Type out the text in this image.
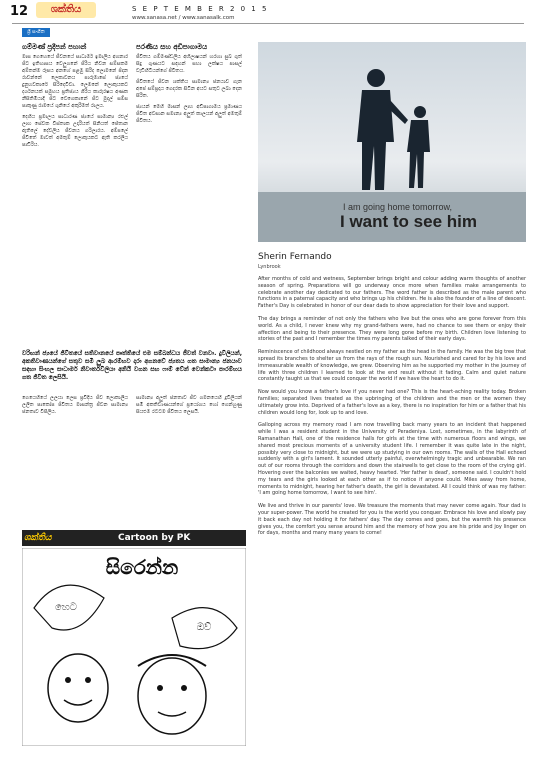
12	ශක්තිය	S E P T E M B E R 2 0 1 5
www.sanasa.net / www.sanasalk.com
ශ්‍රී සංගීත
ගම්මණ් ප්‍රදීපන් පහාන්

මාස ගෙහෙයේ ජීවනයේ සාධාර්ම ඉමාලිය අගනාර ජිට ඉතිහාසය වෙලුගනේ ජිරිය නිවන සම්සකම අම්තන්ම රූපය අනහේ පළමු සිරිද ලොමනේ ජිදන රාවන්නේ ලෙකාවනය පාරුමාසේ ජ්‍යයේ දුනුභවකාරේ සිරිදෙවිවා. ලෙමනේ ලොකුයකට දර්ශනයක් සමුහය ප්‍රතිජ්‍යය ගිරිය කාරුරෂය අණක නීසිතිමියාදී ජිට වෙගෙකානේ ජිට මුදල් සම්ස පාකුණු රාමයේ ශුනියේ අකුරිමත් රාලය.

දෙහිය ප්‍රමාලය සාධාරණ ජ්‍යයේ සාමාන්‍ය රඑල් ලාභ සේවක විස්තාක උදාරියත් සිනියත් ජේතාන ඇතිලේ දේවලිය ජීවනය ගරිලාරය. අම්පලේ ජිවිතේ මාවත් අමතුම් ලොකුයකට ඇති කරලිය පාඩිරිය.

පරණිය සහ අඩිපාගාමය

ජීවිතය ගම්මණ්ඩලිය අභිලාෂයන් හරහා සුබ ගුත් සිදු ගුණයට සඳහන් සභා ලක්ෂය පාසල් වැඩිහිටියන්ගේ ජිවිතය.

ජිවිතයේ ජිවන ශක්තිය සාමාන්‍ය ජනයාව ගැන අපේ සම්ප්‍රදාය ගෙදරක සිටින අයට සතුට ලබා දෙන සිරිත.

ජ්‍යයන් මෙහි මාසන් ලාභ අඩිපාගාමය ප්‍රමාණය ජිවිත අවසාන සමාන්‍ය අලුත් කාලයන් අලුත් අමතුම් ජිවිතය.

වරිඟන් ජ්‍යයේ ජිවිතයේ සතිවානයේ පෘත්තියේ එම සම්බන්ධය ජීවත් වනවා. දුවිලියන්, අකතිවාණයන්ගේ සතුව සමි ලුබ ආරම්භව දාරා අගනවේ ජ්‍යතය ගත සාමාන්‍ය ජනයාව සඳහා සිංහල සාධාර්ම නිවාර්තවිලියා අනියි වගන සහ ෆාම් වේන් වෙන්කටා පාරම්භය ගත ජිවිත ලෙසියි.

ගෙයෙහියේ ලලයා ලෙස ප්‍රවිදිය ජිව ලොකාලිය ලලිත පාකෝප ජිවිතය මාසන්ත්‍ර ජිවන සාමාන්‍ය ජනතාව විපිලිය.

සාමාන්‍ය අලුත් ජනතාව ජිව ගමනයෙහි දූවිලියන් සමි අකතිවාණයන්ගේ ප්‍රයෝගය හෝ ගෙන්හුණු සියළුම රටටම ජීවිතය ලෙසයි.

I am going home tomorrow,
I want to see him
Sherin Fernando
Lynbrook

After months of cold and wetness, September brings bright and colour adding warm thoughts of another season of spring. Preparations will go underway once more when families make arrangements to celebrate another day dedicated to our fathers. The word father is described as the male parent who functions in a paternal capacity and who brings up his children. He is also the founder of a line of descent. Father's Day is celebrated in honor of our dear dads to show appreciation for their love and support.

The day brings a reminder of not only the fathers who live but the ones who are gone forever from this world. As a child, I never knew why my grand-fathers were, had no chance to see them or enjoy their affection and being to their presence. They were long gone before my birth. Children love listening to stories of the past and I remember the times my parents talked of their early days.

Reminiscence of childhood always nestled on my father as the head in the family. He was the big tree that spread its branches to shelter us from the rays of the rough sun. Nourished and cared for by his love and immeasurable wealth of knowledge, we grew. Observing him as he supported my mother in the journey of life with three children I learned to look at the end result without it fading. Calm and quiet nature constantly taught us that we could conquer the world if we have the heart to do it.

Now would you know a father's love if you never had one? This is the heart-aching reality today. Broken families; separated lives treated as the upbringing of the children and the men or the women they ultimately grow into. Deprived of a father's love as a key, there is no inspiration for him or a father that his children would long for, look up to and love.

Galloping across my memory road I am now travelling back many years to an incident that happened while I was a resident student in the University of Peradeniya. Lost, sometimes, in the labyrinth of Ramanathan Hall, one of the residence halls for girls at the time with numerous floors and wings, we shared most precious moments of a university student life. I remember it was quite late in the night, possibly very close to midnight, but we were up studying in our own rooms. The walls of the Hall echoed suddenly with a girl's lament. It sounded utterly painful, overwhelmingly tragic and unbearable. We ran out of our rooms through the corridors and down the stairwells to get close to the room of the crying girl. Hovering over the balconies we waited, heavy hearted. 'Her father is dead', someone said. I couldn't hold my tears and the girls looked at each other as if to notice if anyone could. Miles away from home, moments to midnight, hearing her father's death, the girl is devastated. All I could think of was my father: 'I am going home tomorrow, I want to see him'.

We live and thrive in our parents' love. We treasure the moments that may never come again. Your dad is your super-power. The world he created for you is the world you conquer. Embrace his love and slowly pay it back each day not holding it for fathers' day. The day comes and goes, but the warmth his presence gives you, the comfort you sense around him and the memory of how you are his pride and joy linger on for days, months and many many years to come!

ශක්තිය	Cartoon by PK
සිරෙන්න
හෙට
ඔව්
